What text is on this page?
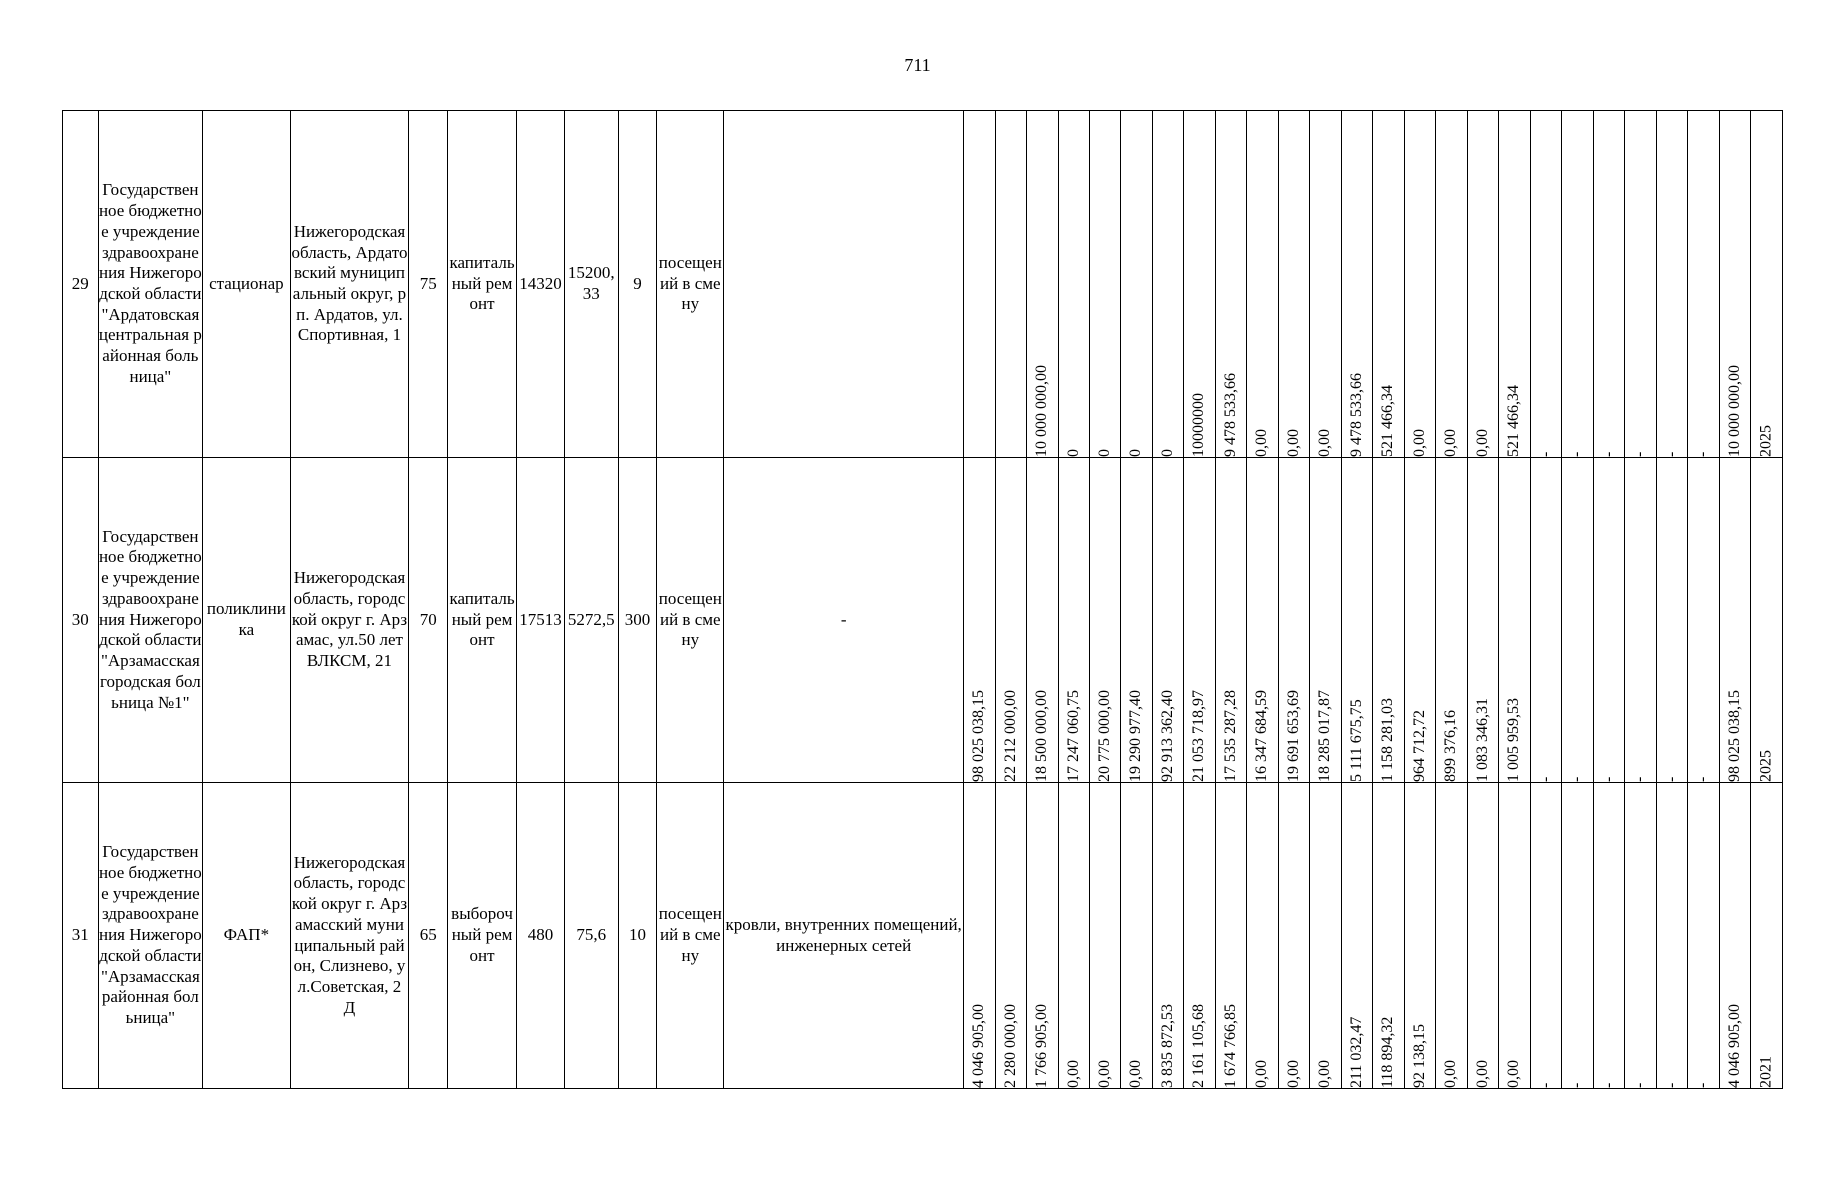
711
29	Государственное бюджетное учреждение здравоохранения Нижегородской области "Ардатовская центральная районная больница"	стационар	Нижегородская область, Ардатовский муниципальный округ, рп. Ардатов, ул.Спортивная, 1	75	капитальный ремонт	14320	15200,33	9	посещений в смену				10 000 000,00	0	0	0	0	10000000	9 478 533,66	0,00	0,00	0,00	9 478 533,66	521 466,34	0,00	0,00	0,00	521 466,34	-	-	-	-	-	-	10 000 000,00	2025

30	Государственное бюджетное учреждение здравоохранения Нижегородской области "Арзамасская городская больница №1"	поликлиника	Нижегородская область, городской округ г. Арзамас, ул.50 лет ВЛКСМ, 21	70	капитальный ремонт	17513	5272,5	300	посещений в смену	-	98 025 038,15	22 212 000,00	18 500 000,00	17 247 060,75	20 775 000,00	19 290 977,40	92 913 362,40	21 053 718,97	17 535 287,28	16 347 684,59	19 691 653,69	18 285 017,87	5 111 675,75	1 158 281,03	964 712,72	899 376,16	1 083 346,31	1 005 959,53	-	-	-	-	-	-	98 025 038,15	2025

31	Государственное бюджетное учреждение здравоохранения Нижегородской области "Арзамасская районная больница"	ФАП*	Нижегородская область, городской округ г. Арзамасский муниципальный район, Слизнево, ул.Советская, 2 Д	65	выборочный ремонт	480	75,6	10	посещений в смену	кровли, внутренних помещений, инженерных сетей	4 046 905,00	2 280 000,00	1 766 905,00	0,00	0,00	0,00	3 835 872,53	2 161 105,68	1 674 766,85	0,00	0,00	0,00	211 032,47	118 894,32	92 138,15	0,00	0,00	0,00	-	-	-	-	-	-	4 046 905,00	2021
